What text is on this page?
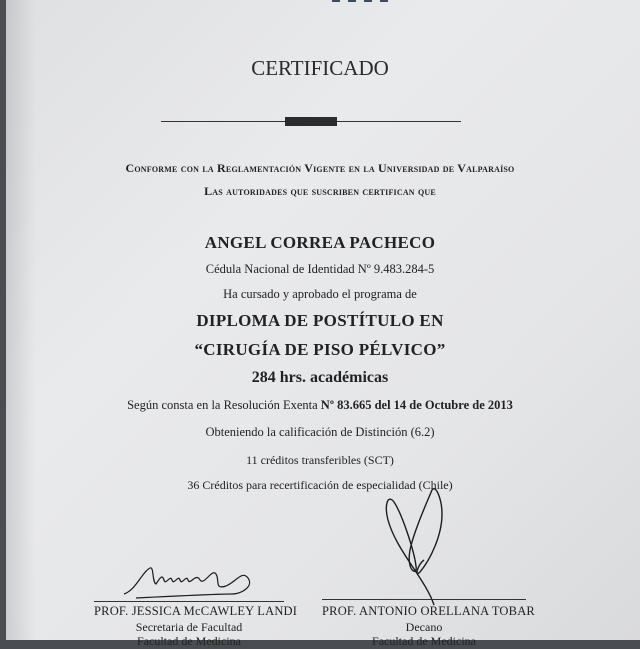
CERTIFICADO
Conforme con la Reglamentación Vigente en la Universidad de Valparaíso
Las autoridades que suscriben certifican que
ANGEL CORREA PACHECO
Cédula Nacional de Identidad Nº 9.483.284-5
Ha cursado y aprobado el programa de
DIPLOMA DE POSTÍTULO EN
“CIRUGÍA DE PISO PÉLVICO”
284 hrs. académicas
Según consta en la Resolución Exenta Nº 83.665 del 14 de Octubre de 2013
Obteniendo la calificación de Distinción (6.2)
11 créditos transferibles (SCT)
36 Créditos para recertificación de especialidad (Chile)
PROF. JESSICA McCAWLEY LANDI
Secretaria de Facultad
Facultad de Medicina
PROF. ANTONIO ORELLANA TOBAR
Decano
Facultad de Medicina
